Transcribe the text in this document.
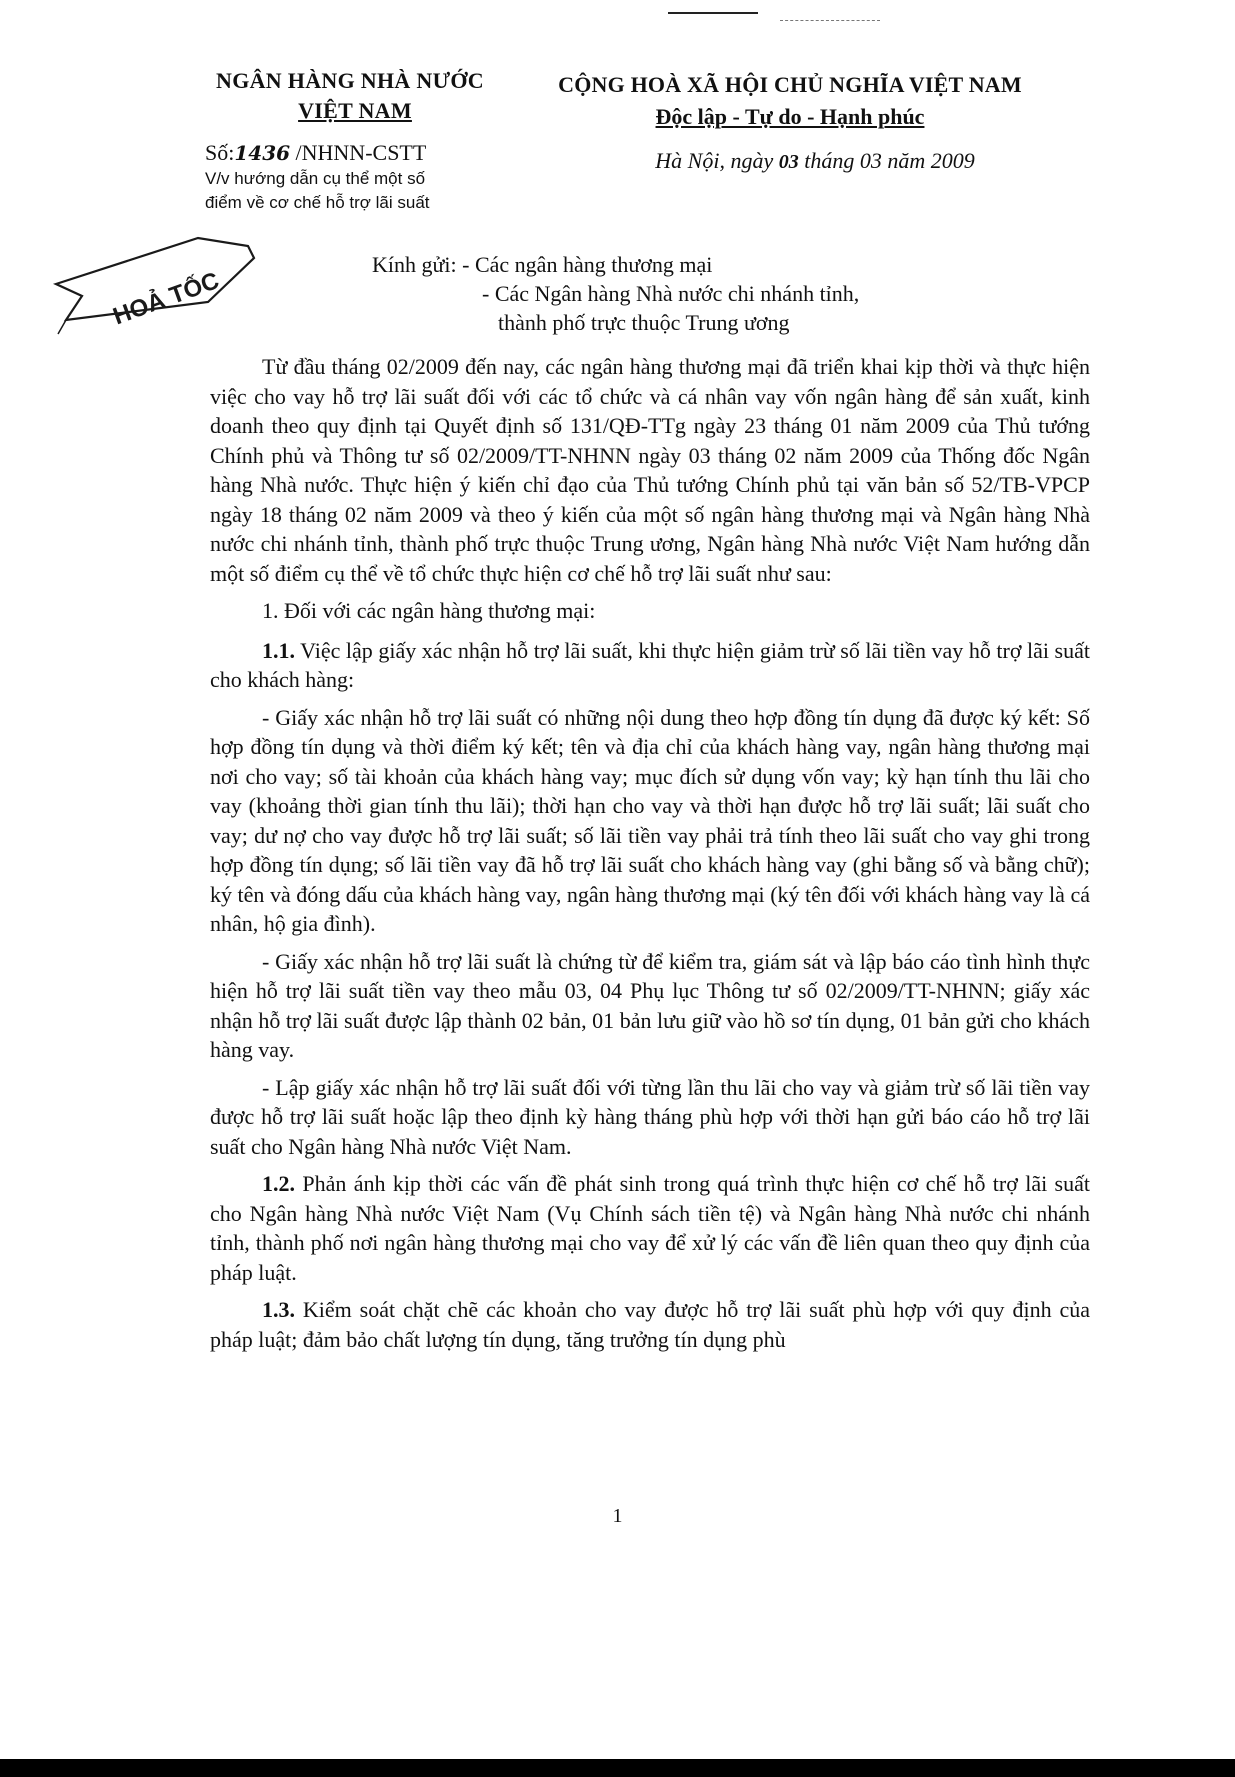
NGÂN HÀNG NHÀ NƯỚC
VIỆT NAM
Số:1436 /NHNN-CSTT
V/v hướng dẫn cụ thể một số
điểm về cơ chế hỗ trợ lãi suất
CỘNG HOÀ XÃ HỘI CHỦ NGHĨA VIỆT NAM
Độc lập - Tự do - Hạnh phúc
Hà Nội, ngày 03 tháng 03 năm 2009
HOẢ TỐC
Kính gửi: - Các ngân hàng thương mại
- Các Ngân hàng Nhà nước chi nhánh tỉnh,
thành phố trực thuộc Trung ương

Từ đầu tháng 02/2009 đến nay, các ngân hàng thương mại đã triển khai kịp thời và thực hiện việc cho vay hỗ trợ lãi suất đối với các tổ chức và cá nhân vay vốn ngân hàng để sản xuất, kinh doanh theo quy định tại Quyết định số 131/QĐ-TTg ngày 23 tháng 01 năm 2009 của Thủ tướng Chính phủ và Thông tư số 02/2009/TT-NHNN ngày 03 tháng 02 năm 2009 của Thống đốc Ngân hàng Nhà nước. Thực hiện ý kiến chỉ đạo của Thủ tướng Chính phủ tại văn bản số 52/TB-VPCP ngày 18 tháng 02 năm 2009 và theo ý kiến của một số ngân hàng thương mại và Ngân hàng Nhà nước chi nhánh tỉnh, thành phố trực thuộc Trung ương, Ngân hàng Nhà nước Việt Nam hướng dẫn một số điểm cụ thể về tổ chức thực hiện cơ chế hỗ trợ lãi suất như sau:

1. Đối với các ngân hàng thương mại:

1.1. Việc lập giấy xác nhận hỗ trợ lãi suất, khi thực hiện giảm trừ số lãi tiền vay hỗ trợ lãi suất cho khách hàng:

- Giấy xác nhận hỗ trợ lãi suất có những nội dung theo hợp đồng tín dụng đã được ký kết: Số hợp đồng tín dụng và thời điểm ký kết; tên và địa chỉ của khách hàng vay, ngân hàng thương mại nơi cho vay; số tài khoản của khách hàng vay; mục đích sử dụng vốn vay; kỳ hạn tính thu lãi cho vay (khoảng thời gian tính thu lãi); thời hạn cho vay và thời hạn được hỗ trợ lãi suất; lãi suất cho vay; dư nợ cho vay được hỗ trợ lãi suất; số lãi tiền vay phải trả tính theo lãi suất cho vay ghi trong hợp đồng tín dụng; số lãi tiền vay đã hỗ trợ lãi suất cho khách hàng vay (ghi bằng số và bằng chữ); ký tên và đóng dấu của khách hàng vay, ngân hàng thương mại (ký tên đối với khách hàng vay là cá nhân, hộ gia đình).

- Giấy xác nhận hỗ trợ lãi suất là chứng từ để kiểm tra, giám sát và lập báo cáo tình hình thực hiện hỗ trợ lãi suất tiền vay theo mẫu 03, 04 Phụ lục Thông tư số 02/2009/TT-NHNN; giấy xác nhận hỗ trợ lãi suất được lập thành 02 bản, 01 bản lưu giữ vào hồ sơ tín dụng, 01 bản gửi cho khách hàng vay.

- Lập giấy xác nhận hỗ trợ lãi suất đối với từng lần thu lãi cho vay và giảm trừ số lãi tiền vay được hỗ trợ lãi suất hoặc lập theo định kỳ hàng tháng phù hợp với thời hạn gửi báo cáo hỗ trợ lãi suất cho Ngân hàng Nhà nước Việt Nam.

1.2. Phản ánh kịp thời các vấn đề phát sinh trong quá trình thực hiện cơ chế hỗ trợ lãi suất cho Ngân hàng Nhà nước Việt Nam (Vụ Chính sách tiền tệ) và Ngân hàng Nhà nước chi nhánh tỉnh, thành phố nơi ngân hàng thương mại cho vay để xử lý các vấn đề liên quan theo quy định của pháp luật.

1.3. Kiểm soát chặt chẽ các khoản cho vay được hỗ trợ lãi suất phù hợp với quy định của pháp luật; đảm bảo chất lượng tín dụng, tăng trưởng tín dụng phù

1
